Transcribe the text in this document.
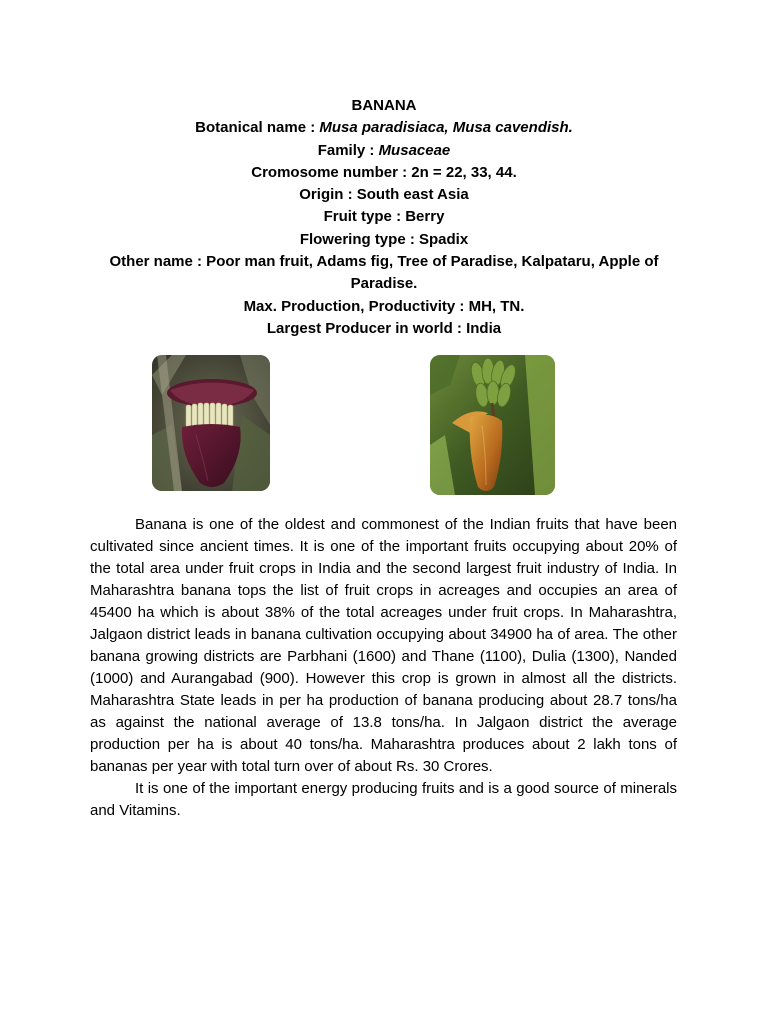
BANANA
Botanical name : Musa paradisiaca, Musa cavendish.
Family : Musaceae
Cromosome number : 2n = 22, 33, 44.
Origin : South east Asia
Fruit type : Berry
Flowering type : Spadix
Other name : Poor man fruit, Adams fig, Tree of Paradise, Kalpataru, Apple of
Paradise.
Max. Production, Productivity : MH, TN.
Largest Producer in world : India

Banana is one of the oldest and commonest of the Indian fruits that have been cultivated since ancient times. It is one of the important fruits occupying about 20% of the total area under fruit crops in India and the second largest fruit industry of India. In Maharashtra banana tops the list of fruit crops in acreages and occupies an area of 45400 ha which is about 38% of the total acreages under fruit crops. In Maharashtra, Jalgaon district leads in banana cultivation occupying about 34900 ha of area. The other banana growing districts are Parbhani (1600) and Thane (1100), Dulia (1300), Nanded (1000) and Aurangabad (900). However this crop is grown in almost all the districts. Maharashtra State leads in per ha production of banana producing about 28.7 tons/ha as against the national average of 13.8 tons/ha. In Jalgaon district the average production per ha is about 40 tons/ha. Maharashtra produces about 2 lakh tons of bananas per year with total turn over of about Rs. 30 Crores.

It is one of the important energy producing fruits and is a good source of minerals and Vitamins.
